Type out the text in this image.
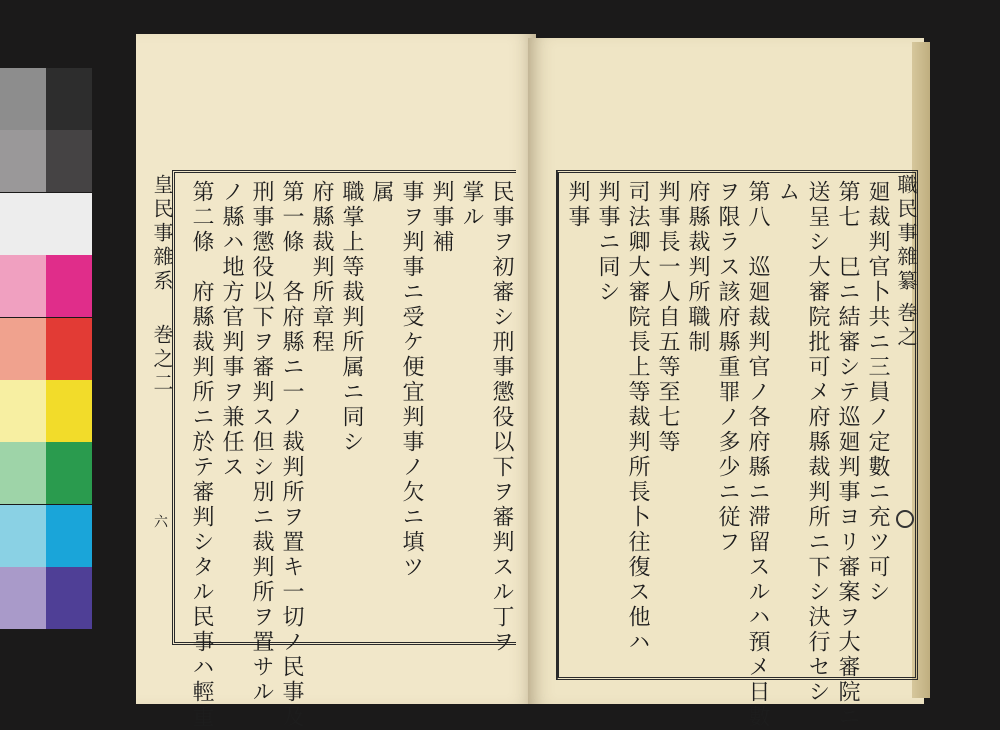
皇民事雜系
巻之二
六	民事ヲ初審シ刑事懲役以下ヲ審判スル丁ヲ
掌ル
判事補
事ヲ判事ニ受ケ便宜判事ノ欠ニ填ツ
属
職掌上等裁判所属ニ同シ
府縣裁判所章程
第一條　各府縣ニ一ノ裁判所ヲ置キ一切ノ民事及
刑事懲役以下ヲ審判ス但シ別ニ裁判所ヲ置サル
ノ縣ハ地方官判事ヲ兼任ス
第二條　府縣裁判所ニ於テ審判シタル民事ハ輕重	職民事雜纂
巻之
廻裁判官卜共ニ三員ノ定數ニ充ツ可シ
第七　巳ニ結審シテ巡廻判事ヨリ審案ヲ大審院ニ
送呈シ大審院批可メ府縣裁判所ニ下シ決行セシ
ム
第八　巡廻裁判官ノ各府縣ニ滞留スルハ預メ日數
ヲ限ラス該府縣重罪ノ多少ニ従フ
府縣裁判所職制
判事長一人自五等至七等
司法卿大審院長上等裁判所長卜往復ス他ハ
判事ニ同シ
判事
